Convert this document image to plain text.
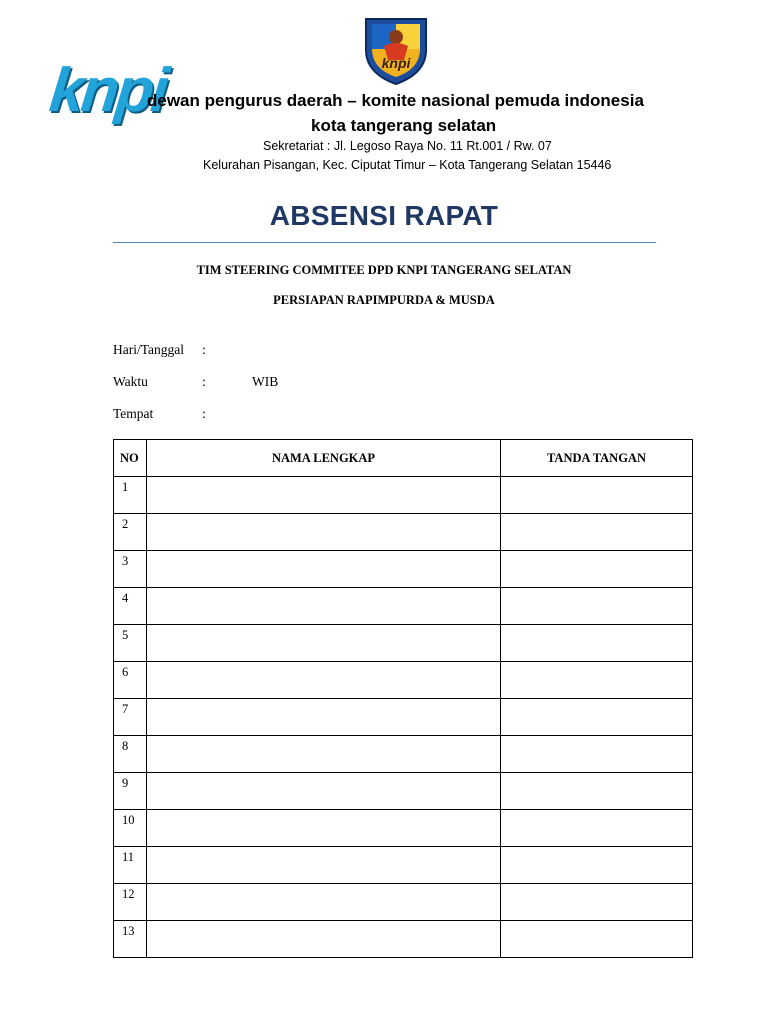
knpi	knpi
dewan pengurus daerah – komite nasional pemuda indonesia
kota tangerang selatan
Sekretariat : Jl. Legoso Raya No. 11 Rt.001 / Rw. 07
Kelurahan Pisangan, Kec. Ciputat Timur – Kota Tangerang Selatan 15446
ABSENSI RAPAT
TIM STEERING COMMITEE DPD KNPI TANGERANG SELATAN
PERSIAPAN RAPIMPURDA & MUSDA
Hari/Tanggal :
Waktu	:	WIB
Tempat	:
NO	NAMA LENGKAP	TANDA TANGAN
1		
2		
3		
4		
5		
6		
7		
8		
9		
10		
11		
12		
13		
